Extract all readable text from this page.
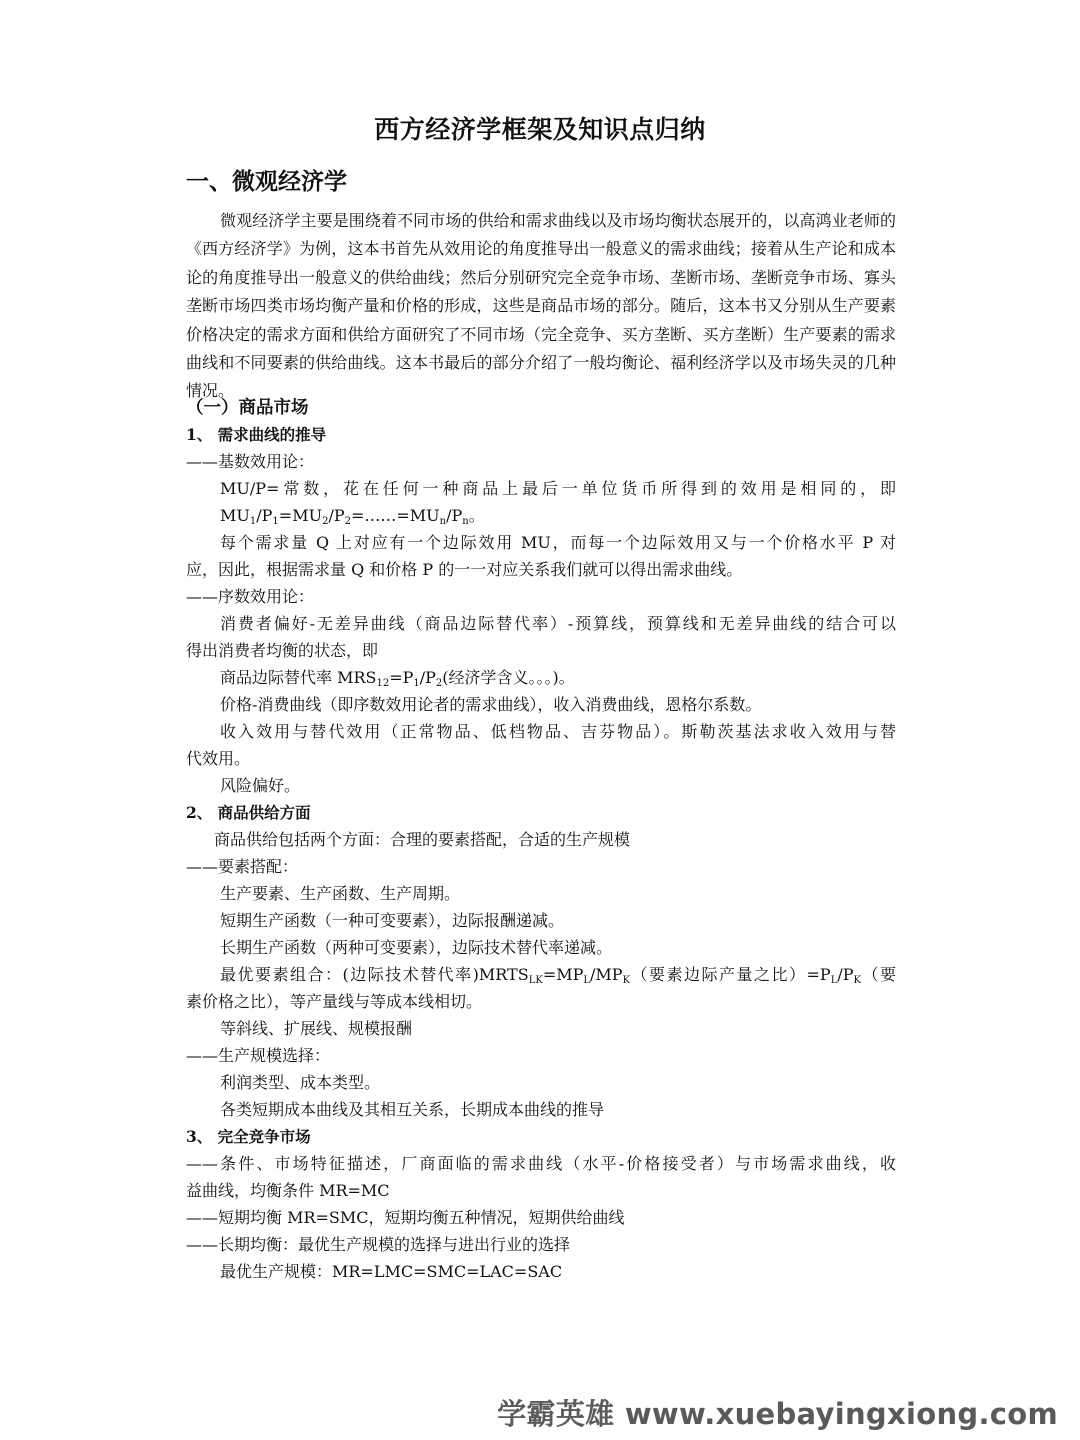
西方经济学框架及知识点归纳
一、微观经济学

微观经济学主要是围绕着不同市场的供给和需求曲线以及市场均衡状态展开的，以高鸿业老师的《西方经济学》为例，这本书首先从效用论的角度推导出一般意义的需求曲线；接着从生产论和成本论的角度推导出一般意义的供给曲线；然后分别研究完全竞争市场、垄断市场、垄断竞争市场、寡头垄断市场四类市场均衡产量和价格的形成，这些是商品市场的部分。随后，这本书又分别从生产要素价格决定的需求方面和供给方面研究了不同市场（完全竞争、买方垄断、买方垄断）生产要素的需求曲线和不同要素的供给曲线。这本书最后的部分介绍了一般均衡论、福利经济学以及市场失灵的几种情况。

（一）商品市场
1、 需求曲线的推导
——基数效用论：
MU/P=常数，花在任何一种商品上最后一单位货币所得到的效用是相同的，即
$MU_1/P_1=MU_2/P_2=\dots\dots=MU_n/P_n$。
每个需求量 Q 上对应有一个边际效用 MU，而每一个边际效用又与一个价格水平 P 对
应，因此，根据需求量 Q 和价格 P 的一一对应关系我们就可以得出需求曲线。
——序数效用论：
消费者偏好-无差异曲线（商品边际替代率）-预算线，预算线和无差异曲线的结合可以
得出消费者均衡的状态，即
商品边际替代率 $MRS_{12}=P_1/P_2$(经济学含义。。。)。
价格-消费曲线（即序数效用论者的需求曲线），收入消费曲线，恩格尔系数。
收入效用与替代效用（正常物品、低档物品、吉芬物品）。斯勒茨基法求收入效用与替
代效用。
风险偏好。
2、 商品供给方面
商品供给包括两个方面：合理的要素搭配，合适的生产规模
——要素搭配：
生产要素、生产函数、生产周期。
短期生产函数（一种可变要素），边际报酬递减。
长期生产函数（两种可变要素），边际技术替代率递减。
最优要素组合：(边际技术替代率)$MRTS_{LK}=MP_L/MP_K$（要素边际产量之比）$=P_L/P_K$（要
素价格之比），等产量线与等成本线相切。
等斜线、扩展线、规模报酬
——生产规模选择：
利润类型、成本类型。
各类短期成本曲线及其相互关系，长期成本曲线的推导
3、 完全竞争市场
——条件、市场特征描述，厂商面临的需求曲线（水平-价格接受者）与市场需求曲线，收
益曲线，均衡条件 MR=MC
——短期均衡 MR=SMC，短期均衡五种情况，短期供给曲线
——长期均衡：最优生产规模的选择与进出行业的选择
最优生产规模：MR=LMC=SMC=LAC=SAC
学霸英雄 www.xuebayingxiong.com
